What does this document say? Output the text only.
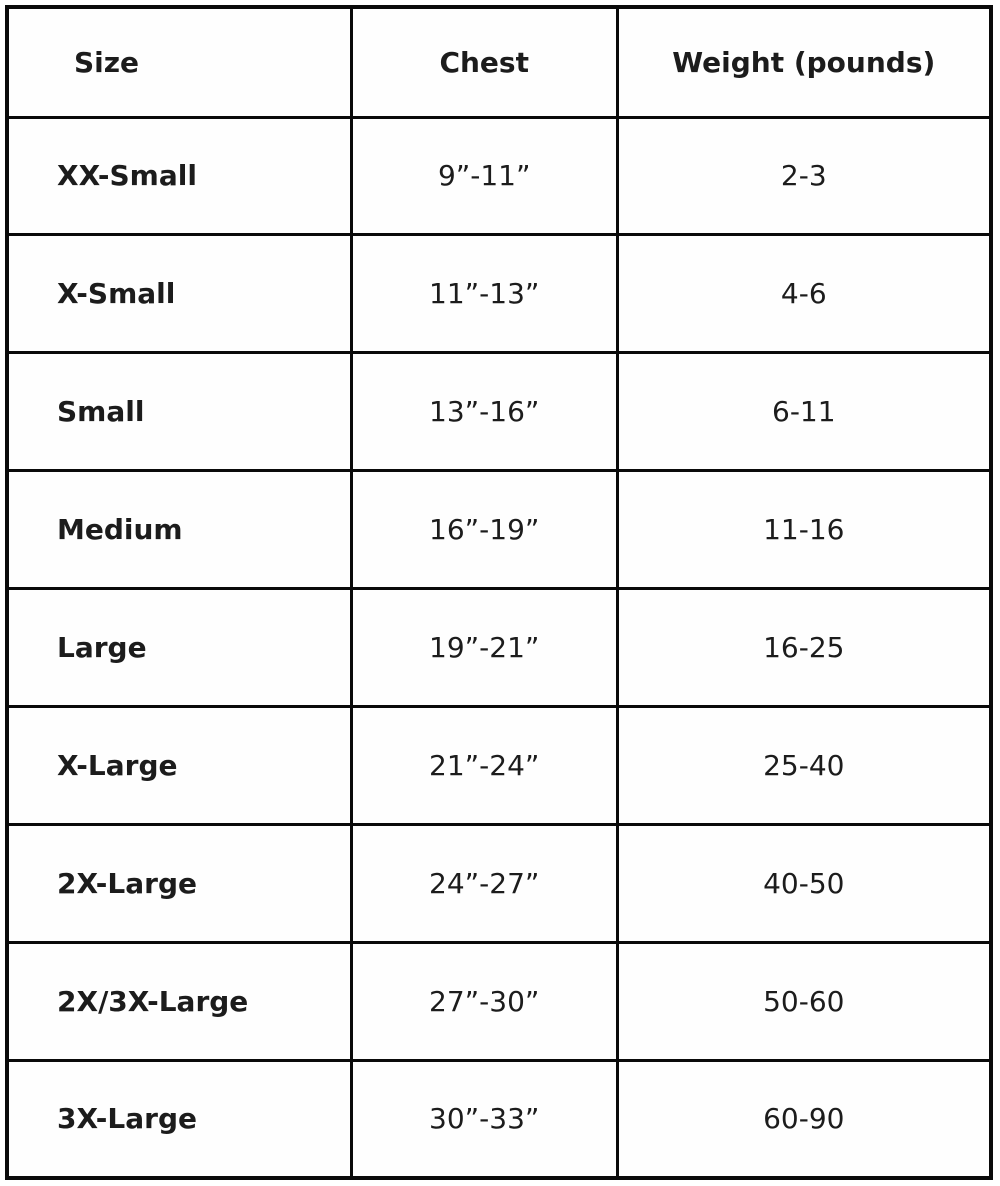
Size	Chest	Weight (pounds)
XX-Small	9”-11”	2-3
X-Small	11”-13”	4-6
Small	13”-16”	6-11
Medium	16”-19”	11-16
Large	19”-21”	16-25
X-Large	21”-24”	25-40
2X-Large	24”-27”	40-50
2X/3X-Large	27”-30”	50-60
3X-Large	30”-33”	60-90
